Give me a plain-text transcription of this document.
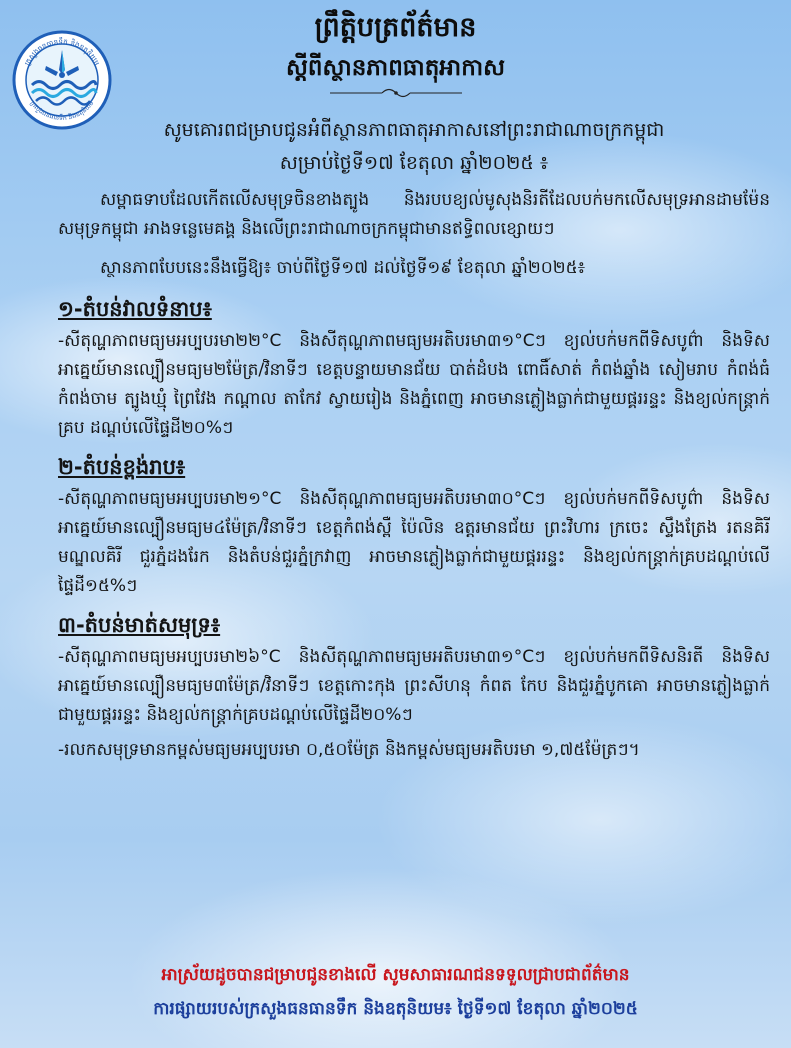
ក្រសួងធនធានទឹក និងឧតុនិយម
ក្រសួងធនធានទឹក និងឧតុនិយម
ព្រឹត្តិបត្រព័ត៌មាន
ស្តីពីស្ថានភាពធាតុអាកាស
សូមគោរពជម្រាបជូនអំពីស្ថានភាពធាតុអាកាសនៅព្រះរាជាណាចក្រកម្ពុជា
សម្រាប់ថ្ងៃទី១៧ ខែតុលា ឆ្នាំ២០២៥ ៖

សម្ពាធទាបដែលកើតលើសមុទ្រចិនខាងត្បូង និងរបបខ្យល់មូសុងនិរតីដែលបក់មកលើសមុទ្រអានដាមម៉ែន សមុទ្រកម្ពុជា អាងទន្លេមេគង្គ និងលើព្រះរាជាណាចក្រកម្ពុជាមានឥទ្ធិពលខ្សោយៗ

ស្ថានភាពបែបនេះនឹងធ្វើឱ្យ៖ ចាប់ពីថ្ងៃទី១៧ ដល់ថ្ងៃទី១៩ ខែតុលា ឆ្នាំ២០២៥៖

១-តំបន់វាលទំនាប៖

-សីតុណ្ហភាពមធ្យមអប្បបរមា២២°C និងសីតុណ្ហភាពមធ្យមអតិបរមា៣១°Cៗ ខ្យល់បក់មកពីទិសបូព៌ា និងទិសអាគ្នេយ៍មានល្បឿនមធ្យម២ម៉ែត្រ/វិនាទីៗ ខេត្តបន្ទាយមានជ័យ បាត់ដំបង ពោធិ៍សាត់ កំពង់ឆ្នាំង សៀមរាប កំពង់ធំ កំពង់ចាម ត្បូងឃ្មុំ ព្រៃវែង កណ្តាល តាកែវ ស្វាយរៀង និងភ្នំពេញ អាចមានភ្លៀងធ្លាក់ជាមួយផ្គររន្ទះ និងខ្យល់កន្ត្រាក់គ្រប ដណ្តប់លើផ្ទៃដី២០%ៗ

២-តំបន់ខ្ពង់រាប៖

-សីតុណ្ហភាពមធ្យមអប្បបរមា២១°C និងសីតុណ្ហភាពមធ្យមអតិបរមា៣០°Cៗ ខ្យល់បក់មកពីទិសបូព៌ា និងទិសអាគ្នេយ៍មានល្បឿនមធ្យម៤ម៉ែត្រ/វិនាទីៗ ខេត្តកំពង់ស្ពឺ ប៉ៃលិន ឧត្តរមានជ័យ ព្រះវិហារ ក្រចេះ ស្ទឹងត្រែង រតនគិរី មណ្ឌលគិរី ជួរភ្នំដងរែក និងតំបន់ជួរភ្នំក្រវាញ អាចមានភ្លៀងធ្លាក់ជាមួយផ្គររន្ទះ និងខ្យល់កន្ត្រាក់គ្របដណ្តប់លើផ្ទៃដី១៥%ៗ

៣-តំបន់មាត់សមុទ្រ៖

-សីតុណ្ហភាពមធ្យមអប្បបរមា២៦°C និងសីតុណ្ហភាពមធ្យមអតិបរមា៣១°Cៗ ខ្យល់បក់មកពីទិសនិរតី និងទិសអាគ្នេយ៍មានល្បឿនមធ្យម៣ម៉ែត្រ/វិនាទីៗ ខេត្តកោះកុង ព្រះសីហនុ កំពត កែប និងជួរភ្នំបូកគោ អាចមានភ្លៀងធ្លាក់ជាមួយផ្គររន្ទះ និងខ្យល់កន្ត្រាក់គ្របដណ្តប់លើផ្ទៃដី២០%ៗ

-រលកសមុទ្រមានកម្ពស់មធ្យមអប្បបរមា ០,៥០ម៉ែត្រ និងកម្ពស់មធ្យមអតិបរមា ១,៧៥ម៉ែត្រៗ។

អាស្រ័យដូចបានជម្រាបជូនខាងលើ សូមសាធារណជនទទួលជ្រាបជាព័ត៌មាន
ការផ្សាយរបស់ក្រសួងធនធានទឹក និងឧតុនិយម៖ ថ្ងៃទី១៧ ខែតុលា ឆ្នាំ២០២៥
